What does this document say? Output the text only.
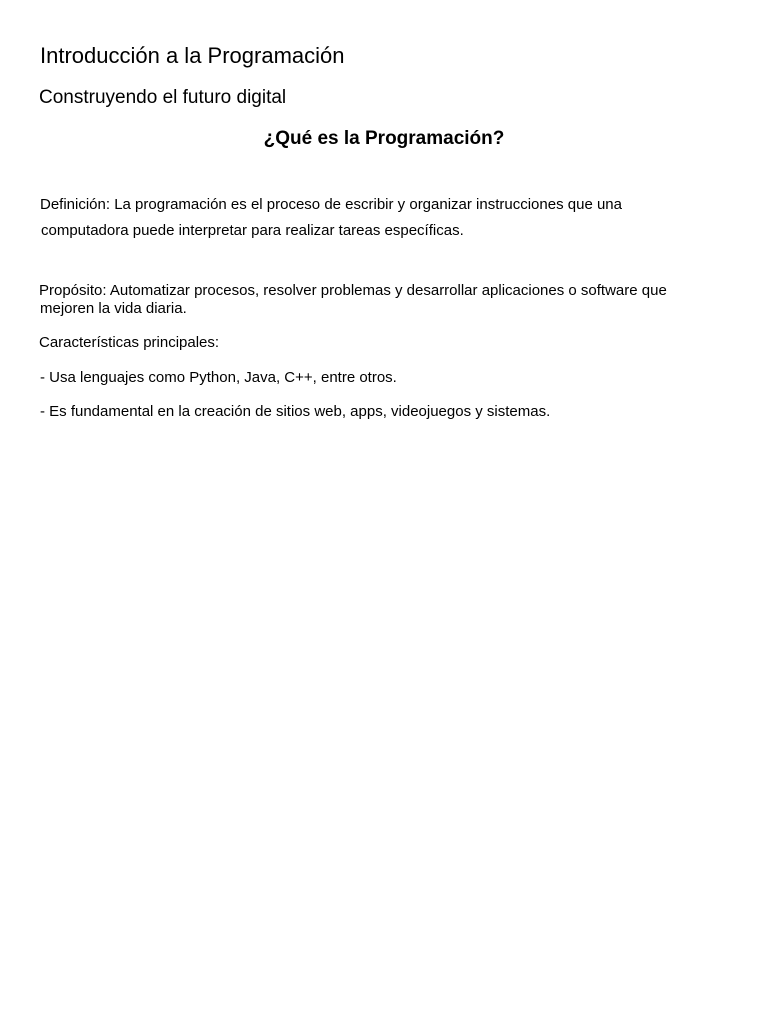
Introducción a la Programación
Construyendo el futuro digital
¿Qué es la Programación?
Definición: La programación es el proceso de escribir y organizar instrucciones que una
computadora puede interpretar para realizar tareas específicas.
Propósito: Automatizar procesos, resolver problemas y desarrollar aplicaciones o software que
mejoren la vida diaria.
Características principales:
- Usa lenguajes como Python, Java, C++, entre otros.
- Es fundamental en la creación de sitios web, apps, videojuegos y sistemas.
